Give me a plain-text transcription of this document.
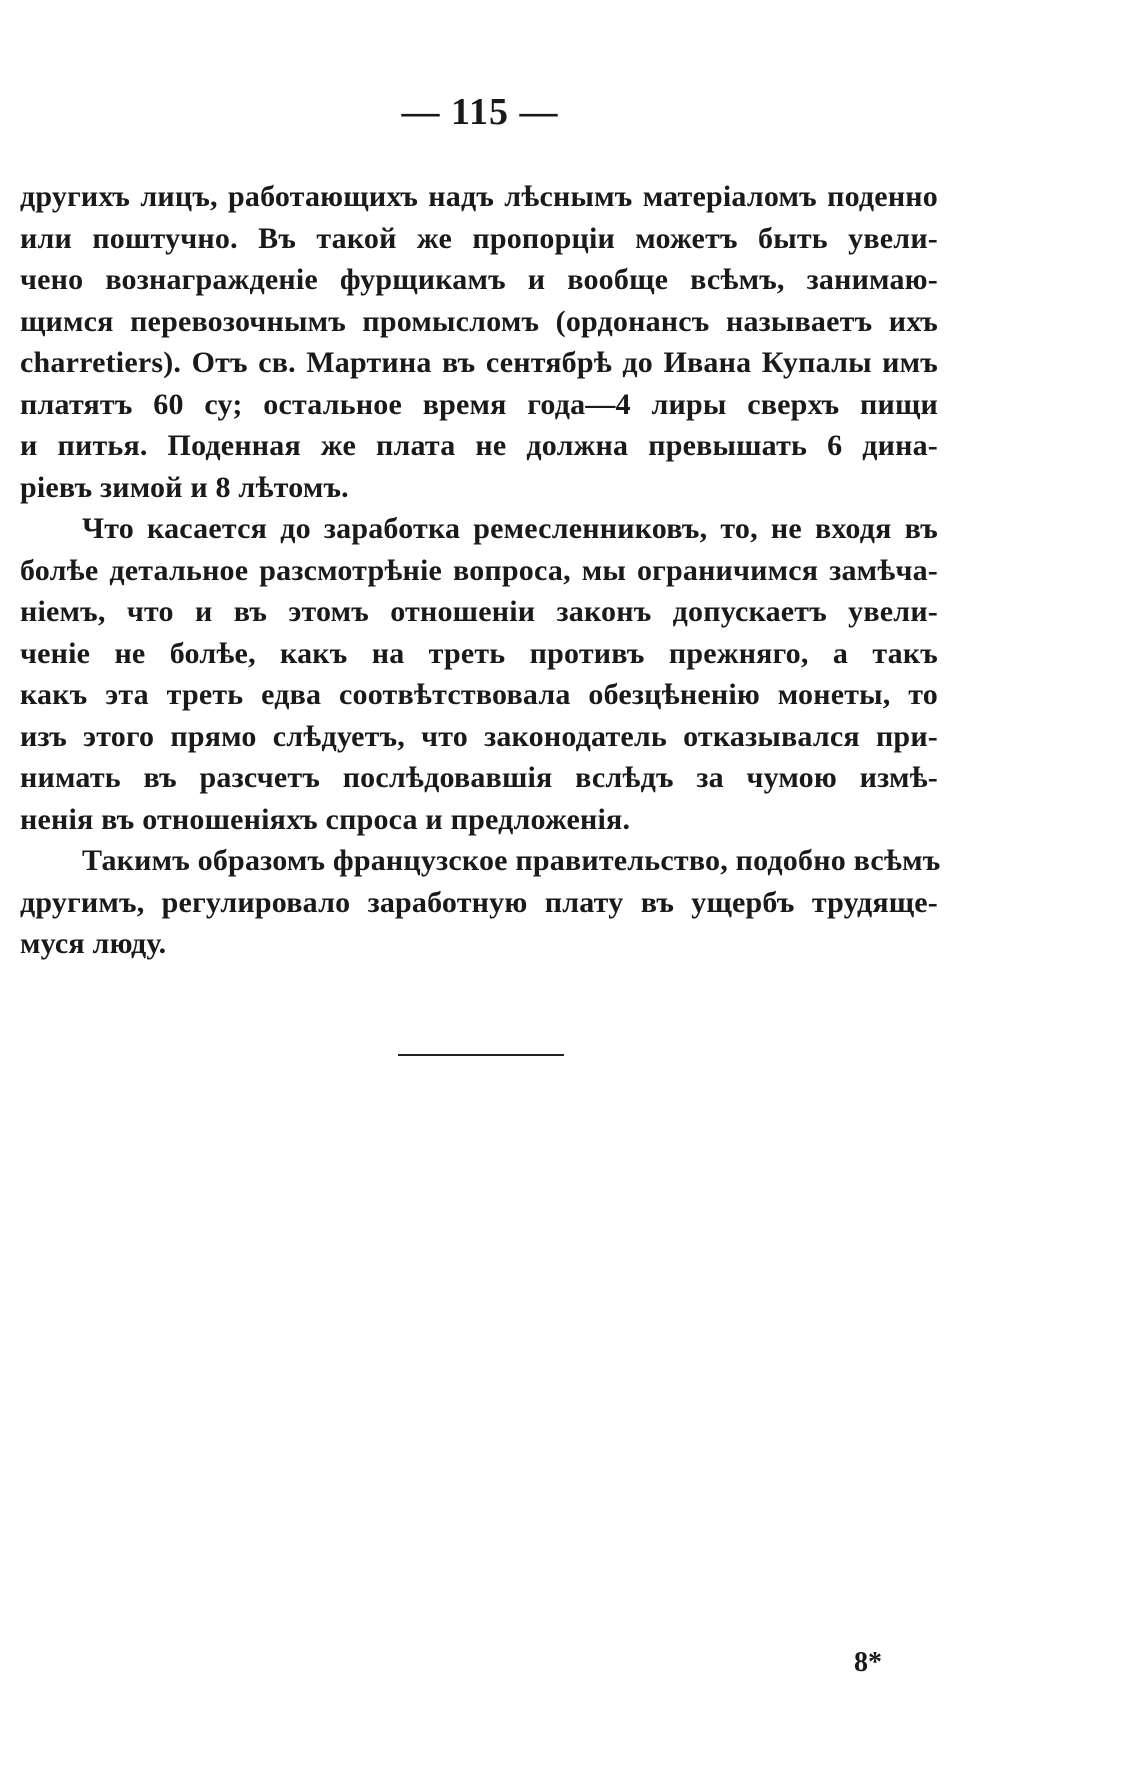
— 115 —

другихъ лицъ, работающихъ надъ лѣснымъ матеріаломъ поденно
или поштучно. Въ такой же пропорціи можетъ быть увели-
чено вознагражденіе фурщикамъ и вообще всѣмъ, занимаю-
щимся перевозочнымъ промысломъ (ордонансъ называетъ ихъ
charretiers). Отъ св. Мартина въ сентябрѣ до Ивана Купалы имъ
платятъ 60 су; остальное время года—4 лиры сверхъ пищи
и питья. Поденная же плата не должна превышать 6 дина-
ріевъ зимой и 8 лѣтомъ.

Что касается до заработка ремесленниковъ, то, не входя въ
болѣе детальное разсмотрѣніе вопроса, мы ограничимся замѣча-
ніемъ, что и въ этомъ отношеніи законъ допускаетъ увели-
ченіе не болѣе, какъ на треть противъ прежняго, а такъ
какъ эта треть едва соотвѣтствовала обезцѣненію монеты, то
изъ этого прямо слѣдуетъ, что законодатель отказывался при-
нимать въ разсчетъ послѣдовавшія вслѣдъ за чумою измѣ-
ненія въ отношеніяхъ спроса и предложенія.

Такимъ образомъ французское правительство, подобно всѣмъ
другимъ, регулировало заработную плату въ ущербъ трудяще-
муся люду.

8*
